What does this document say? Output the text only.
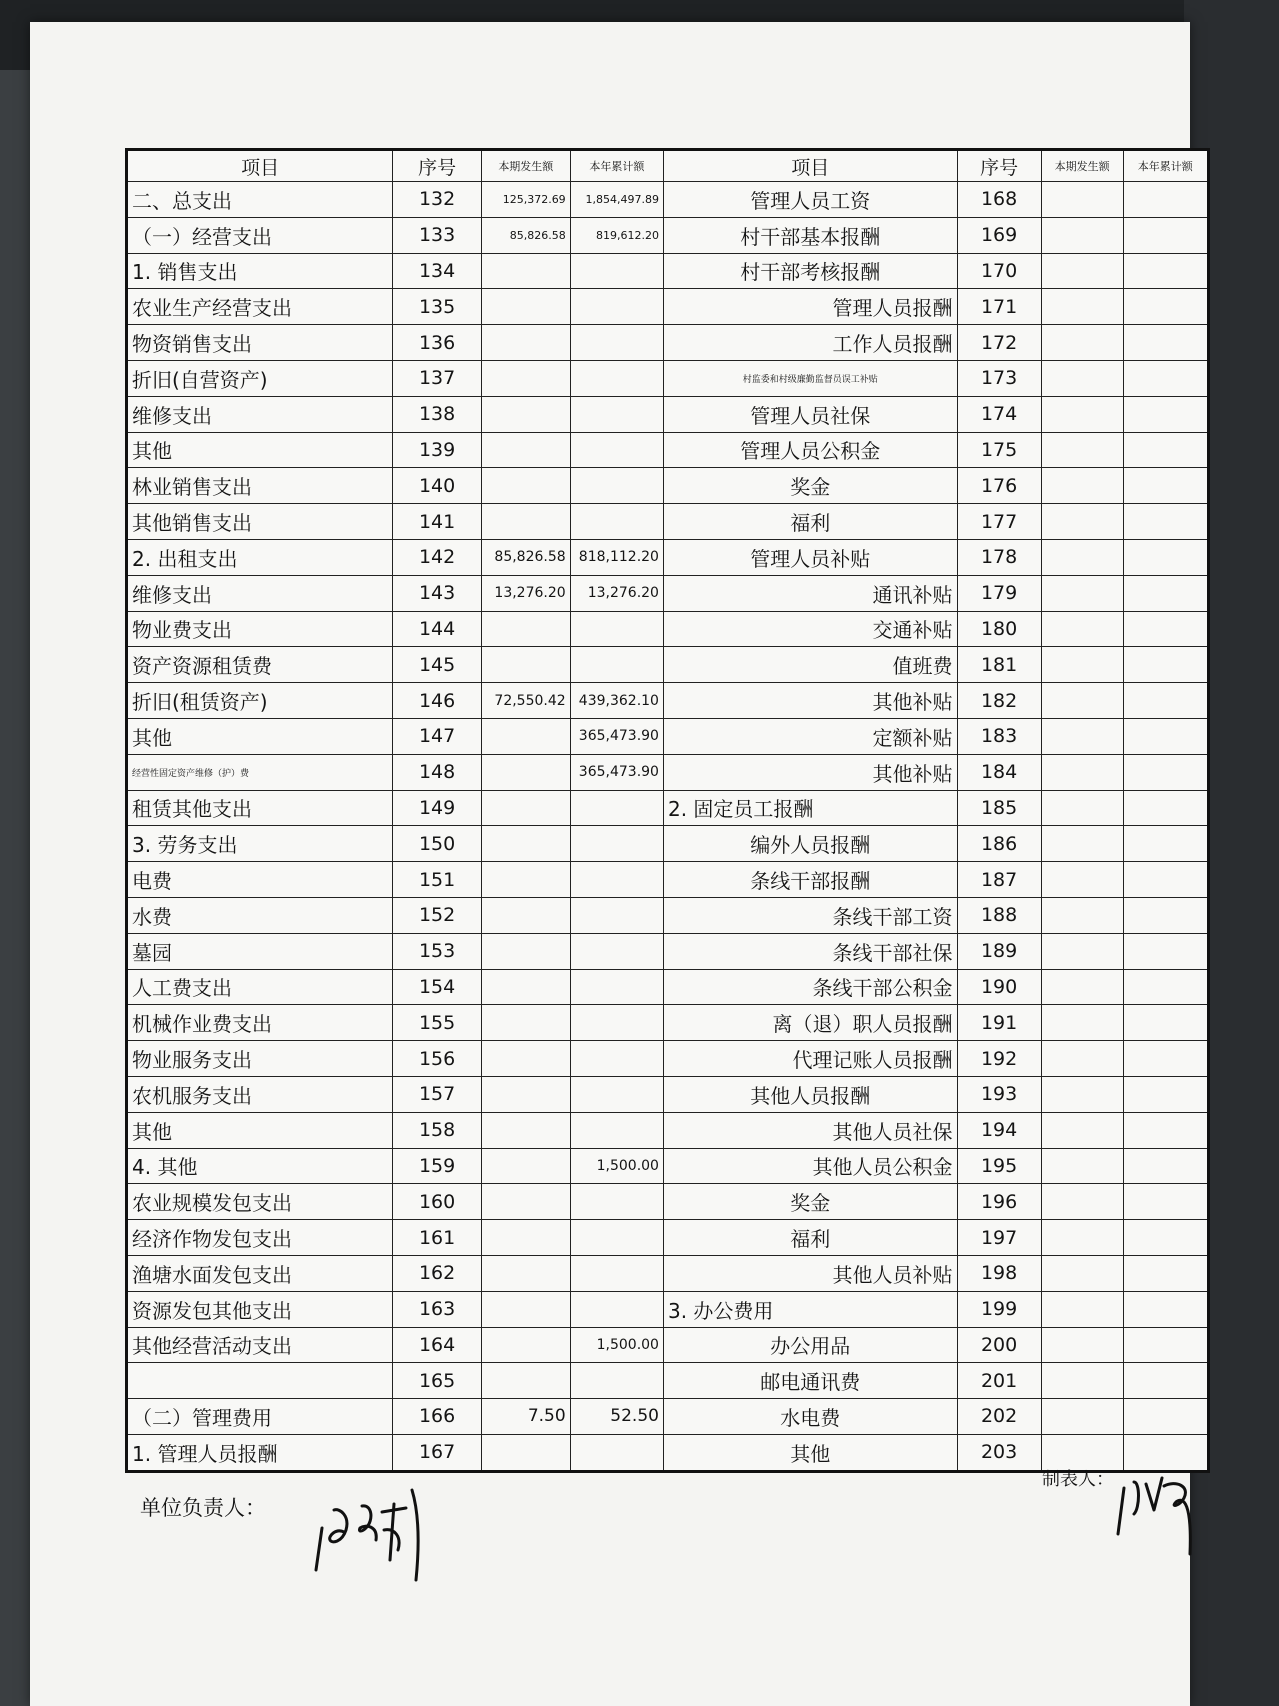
项目	序号	本期发生额	本年累计额	项目	序号	本期发生额	本年累计额
二、总支出	132	125,372.69	1,854,497.89	管理人员工资	168		
（一）经营支出	133	85,826.58	819,612.20	村干部基本报酬	169		
1. 销售支出	134			村干部考核报酬	170		
农业生产经营支出	135			管理人员报酬	171		
物资销售支出	136			工作人员报酬	172		
折旧(自营资产)	137			村监委和村级廉勤监督员误工补贴	173		
维修支出	138			管理人员社保	174		
其他	139			管理人员公积金	175		
林业销售支出	140			奖金	176		
其他销售支出	141			福利	177		
2. 出租支出	142	85,826.58	818,112.20	管理人员补贴	178		
维修支出	143	13,276.20	13,276.20	通讯补贴	179		
物业费支出	144			交通补贴	180		
资产资源租赁费	145			值班费	181		
折旧(租赁资产)	146	72,550.42	439,362.10	其他补贴	182		
其他	147		365,473.90	定额补贴	183		
经营性固定资产维修（护）费	148		365,473.90	其他补贴	184		
租赁其他支出	149			2. 固定员工报酬	185		
3. 劳务支出	150			编外人员报酬	186		
电费	151			条线干部报酬	187		
水费	152			条线干部工资	188		
墓园	153			条线干部社保	189		
人工费支出	154			条线干部公积金	190		
机械作业费支出	155			离（退）职人员报酬	191		
物业服务支出	156			代理记账人员报酬	192		
农机服务支出	157			其他人员报酬	193		
其他	158			其他人员社保	194		
4. 其他	159		1,500.00	其他人员公积金	195		
农业规模发包支出	160			奖金	196		
经济作物发包支出	161			福利	197		
渔塘水面发包支出	162			其他人员补贴	198		
资源发包其他支出	163			3. 办公费用	199		
其他经营活动支出	164		1,500.00	办公用品	200		
	165			邮电通讯费	201		
（二）管理费用	166	7.50	52.50	水电费	202		
1. 管理人员报酬	167			其他	203		
单位负责人：
制表人：
